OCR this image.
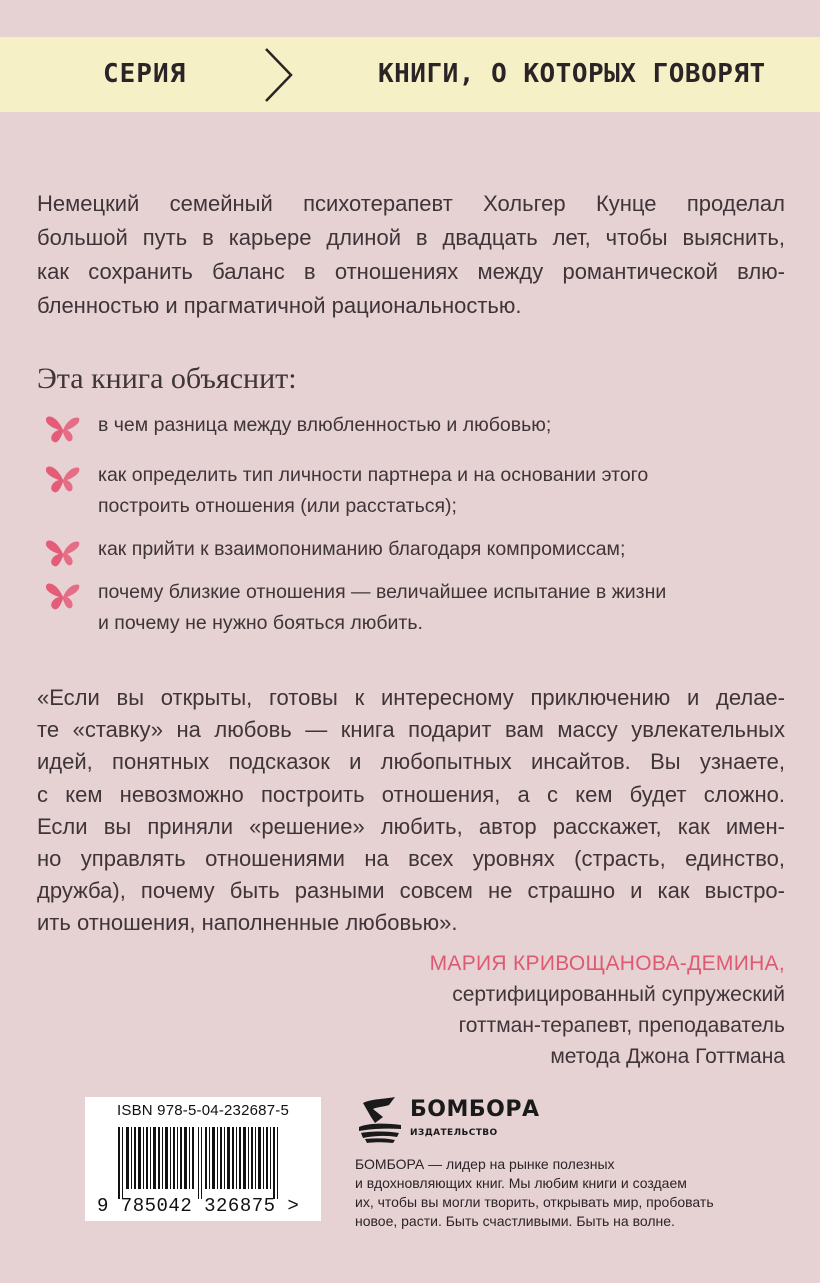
СЕРИЯ	КНИГИ, О КОТОРЫХ ГОВОРЯТ
Немецкий семейный психотерапевт Хольгер Кунце проделал
большой путь в карьере длиной в двадцать лет, чтобы выяснить,
как сохранить баланс в отношениях между романтической влю-
бленностью и прагматичной рациональностью.
Эта книга объяснит:
в чем разница между влюбленностью и любовью;
как определить тип личности партнера и на основании этого
построить отношения (или расстаться);
как прийти к взаимопониманию благодаря компромиссам;
почему близкие отношения — величайшее испытание в жизни
и почему не нужно бояться любить.
«Если вы открыты, готовы к интересному приключению и делае-
те «ставку» на любовь — книга подарит вам массу увлекательных
идей, понятных подсказок и любопытных инсайтов. Вы узнаете,
с кем невозможно построить отношения, а с кем будет сложно.
Если вы приняли «решение» любить, автор расскажет, как имен-
но управлять отношениями на всех уровнях (страсть, единство,
дружба), почему быть разными совсем не страшно и как выстро-
ить отношения, наполненные любовью».
МАРИЯ КРИВОЩАНОВА-ДЕМИНА,
сертифицированный супружеский
готтман-терапевт, преподаватель
метода Джона Готтмана
ISBN 978-5-04-232687-5
9 785042 326875 >
БОМБОРА
ИЗДАТЕЛЬСТВО
БОМБОРА — лидер на рынке полезных
и вдохновляющих книг. Мы любим книги и создаем
их, чтобы вы могли творить, открывать мир, пробовать
новое, расти. Быть счастливыми. Быть на волне.
